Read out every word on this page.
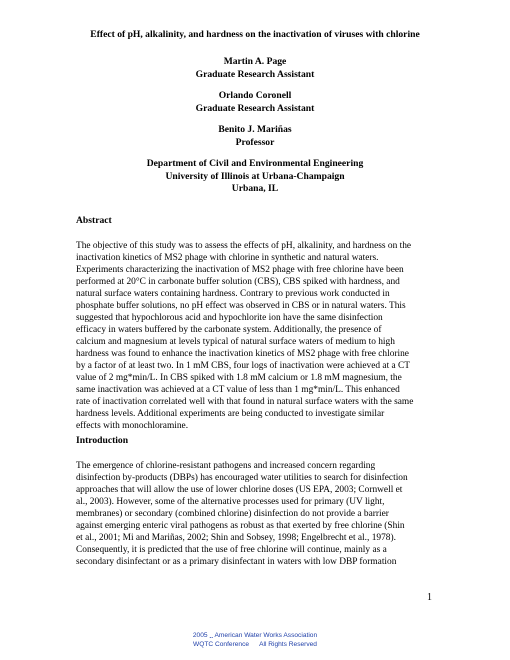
Effect of pH, alkalinity, and hardness on the inactivation of viruses with chlorine
Martin A. Page
Graduate Research Assistant
Orlando Coronell
Graduate Research Assistant
Benito J. Mariñas
Professor
Department of Civil and Environmental Engineering
University of Illinois at Urbana-Champaign
Urbana, IL
Abstract
The objective of this study was to assess the effects of pH, alkalinity, and hardness on the
inactivation kinetics of MS2 phage with chlorine in synthetic and natural waters.
Experiments characterizing the inactivation of MS2 phage with free chlorine have been
performed at 20°C in carbonate buffer solution (CBS), CBS spiked with hardness, and
natural surface waters containing hardness. Contrary to previous work conducted in
phosphate buffer solutions, no pH effect was observed in CBS or in natural waters. This
suggested that hypochlorous acid and hypochlorite ion have the same disinfection
efficacy in waters buffered by the carbonate system. Additionally, the presence of
calcium and magnesium at levels typical of natural surface waters of medium to high
hardness was found to enhance the inactivation kinetics of MS2 phage with free chlorine
by a factor of at least two. In 1 mM CBS, four logs of inactivation were achieved at a CT
value of 2 mg*min/L. In CBS spiked with 1.8 mM calcium or 1.8 mM magnesium, the
same inactivation was achieved at a CT value of less than 1 mg*min/L. This enhanced
rate of inactivation correlated well with that found in natural surface waters with the same
hardness levels. Additional experiments are being conducted to investigate similar
effects with monochloramine.
Introduction
The emergence of chlorine-resistant pathogens and increased concern regarding
disinfection by-products (DBPs) has encouraged water utilities to search for disinfection
approaches that will allow the use of lower chlorine doses (US EPA, 2003; Cornwell et
al., 2003). However, some of the alternative processes used for primary (UV light,
membranes) or secondary (combined chlorine) disinfection do not provide a barrier
against emerging enteric viral pathogens as robust as that exerted by free chlorine (Shin
et al., 2001; Mi and Mariñas, 2002; Shin and Sobsey, 1998; Engelbrecht et al., 1978).
Consequently, it is predicted that the use of free chlorine will continue, mainly as a
secondary disinfectant or as a primary disinfectant in waters with low DBP formation
1
2005 .. American Water Works Association
WQTC Conference All Rights Reserved
